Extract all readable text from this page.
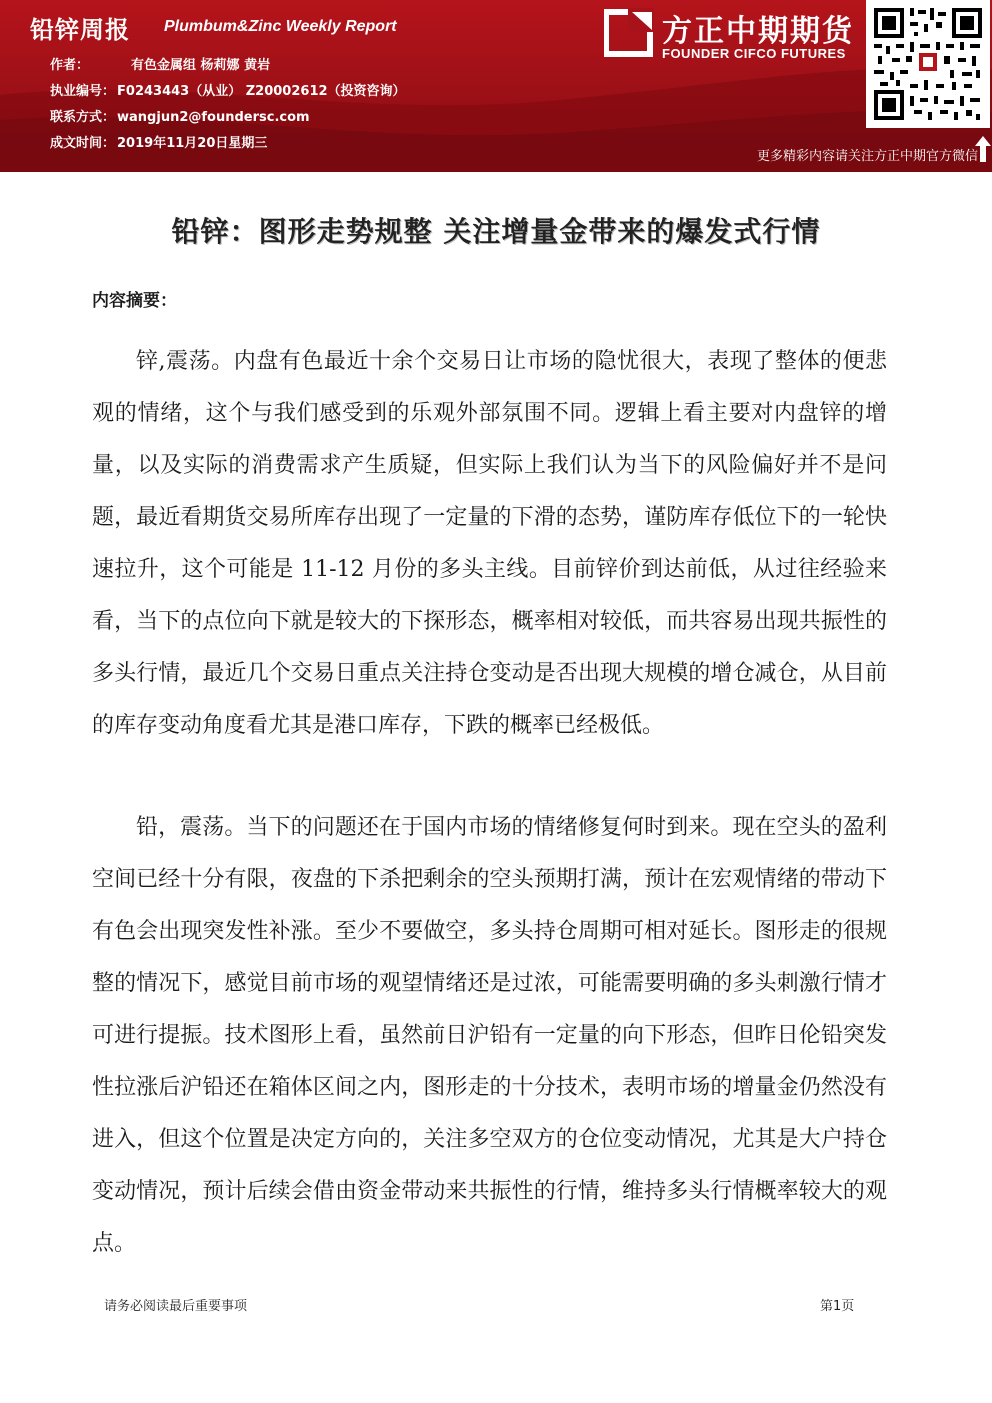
铅锌周报 Plumbum&Zinc Weekly Report
作者：	有色金属组 杨莉娜 黄岩
执业编号： F0243443（从业） Z20002612（投资咨询）
联系方式： wangjun2@foundersc.com
成文时间： 2019年11月20日星期三
方正中期期货
FOUNDER CIFCO FUTURES
更多精彩内容请关注方正中期官方微信
铅锌：图形走势规整 关注增量金带来的爆发式行情
内容摘要：

锌,震荡。内盘有色最近十余个交易日让市场的隐忧很大，表现了整体的便悲观的情绪，这个与我们感受到的乐观外部氛围不同。逻辑上看主要对内盘锌的增量，以及实际的消费需求产生质疑，但实际上我们认为当下的风险偏好并不是问题，最近看期货交易所库存出现了一定量的下滑的态势，谨防库存低位下的一轮快速拉升，这个可能是 11-12 月份的多头主线。目前锌价到达前低，从过往经验来看，当下的点位向下就是较大的下探形态，概率相对较低，而共容易出现共振性的多头行情，最近几个交易日重点关注持仓变动是否出现大规模的增仓减仓，从目前的库存变动角度看尤其是港口库存，下跌的概率已经极低。

铅，震荡。当下的问题还在于国内市场的情绪修复何时到来。现在空头的盈利空间已经十分有限，夜盘的下杀把剩余的空头预期打满，预计在宏观情绪的带动下有色会出现突发性补涨。至少不要做空，多头持仓周期可相对延长。图形走的很规整的情况下，感觉目前市场的观望情绪还是过浓，可能需要明确的多头刺激行情才可进行提振。技术图形上看，虽然前日沪铅有一定量的向下形态，但昨日伦铅突发性拉涨后沪铅还在箱体区间之内，图形走的十分技术，表明市场的增量金仍然没有进入，但这个位置是决定方向的，关注多空双方的仓位变动情况，尤其是大户持仓变动情况，预计后续会借由资金带动来共振性的行情，维持多头行情概率较大的观点。

请务必阅读最后重要事项	第1页
